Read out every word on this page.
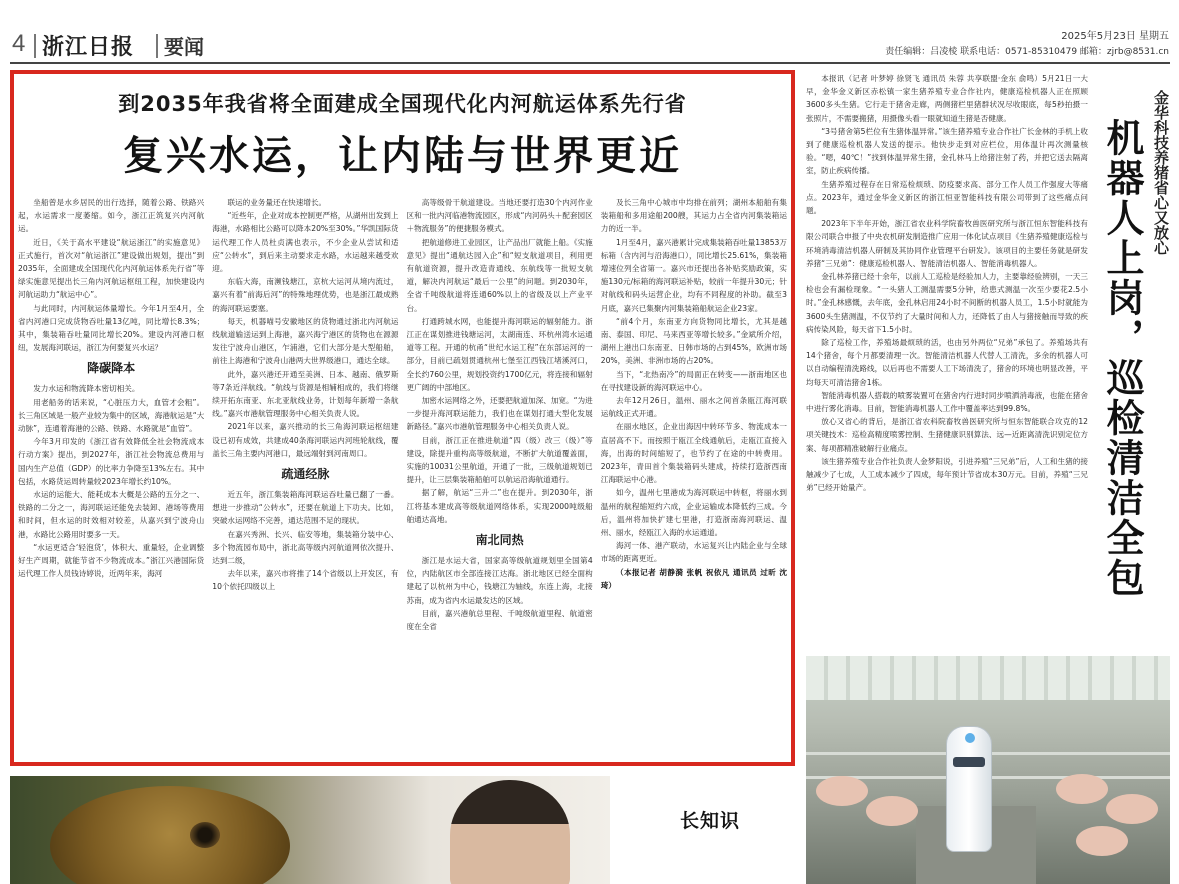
4 浙江日报 要闻	2025年5月23日 星期五
责任编辑：吕凌棱 联系电话：0571-85310479 邮箱：zjrb@8531.cn
到2035年我省将全面建成全国现代化内河航运体系先行省
复兴水运，让内陆与世界更近

坐船曾是水乡居民的出行选择，随着公路、铁路兴起，水运需求一度萎缩。如今，浙江正筑复兴内河航运。

近日，《关于高水平建设“航运浙江”的实施意见》正式施行，首次对“航运浙江”建设做出规划，提出“到2035年，全面建成全国现代化内河航运体系先行省”等绿实施意见提出长三角内河航运枢纽工程，加快建设内河航运助力“航运中心”。

与此同时，内河航运体量增长。今年1月至4月，全省内河港口完成货物吞吐量13亿吨，同比增长8.3%；其中，集装箱吞吐量同比增长20%。建设内河港口枢纽，发展海河联运，浙江为何要复兴水运？

降碳降本

发力水运和物流降本密切相关。

用老船务的话来说，“心脏压力大，血管才会粗”。长三角区域是一般产业较为集中的区域，海港航运是“大动脉”，连通着海港的公路、铁路、水路就是“血管”。

今年3月印发的《浙江省有效降低全社会物流成本行动方案》提出，到2027年，浙江社会物流总费用与国内生产总值（GDP）的比率力争降至13%左右。其中包括，水路货运周转量较2023年增长约10%。

水运的运能大、能耗成本大概是公路的五分之一、铁路的二分之一，海河联运还能免去装卸、港场等费用和时间，但水运的时效相对较差，从嘉兴到宁波舟山港，水路比公路用时要多一天。

“水运更适合‘轻泡货’，体积大、重量轻，企业调整好生产周期，就能节省不少物流成本。”浙江兴港国际货运代理工作人员钱诗婷说，近两年来，海河

联运的业务量还在快速增长。

“近些年，企业对成本控制更严格，从湖州出发到上海港，水路相比公路可以降本20%至30%。”华凯国际货运代理工作人员杜贞满也表示，不少企业从尝试和适应“公转水”，到后来主动要求走水路，水运越来越受欢迎。

东临大海，南濒钱塘江，京杭大运河从境内流过，嘉兴有着“前海后河”的特殊地理优势，也是浙江最成熟的海河联运要塞。

每天，机器喵号安徽地区的货物通过浙北内河航运线航道输送运到上海港，嘉兴海宁港区的货物也在源源发往宁波舟山港区，乍浦港，它们大部分是大型船舶，前往上海港和宁波舟山港两大世界级港口，通达全球。

此外，嘉兴港还开通至美洲、日本、越南、俄罗斯等7条近洋航线。“航线与货源是相辅相成的，我们将继续开拓东南亚、东北亚航线业务，计划每年新增一条航线。”嘉兴市港航管理服务中心相关负责人说。

2021年以来，嘉兴推动的长三角海河联运枢纽建设已初有成效，共建成40条海河联运内河班轮航线，覆盖长三角主要内河港口，最远端射到河南周口。

疏通经脉

近五年，浙江集装箱海河联运吞吐量已翻了一番。想进一步推动“公转水”，还要在航道上下功夫。比如，突破水运网络不完善，通达范围不足的现状。

在嘉兴秀洲、长兴、临安等地，集装箱分装中心、多个物流园布局中，浙北高等级内河航道网依次提升、达到二级，

去年以来，嘉兴市将推了14个省级以上开发区，有10个依托四级以上

高等级骨干航道建设。当地还要打造30个内河作业区和一批内河临港物流园区，形成“内河码头＋配套园区＋物流服务”的便捷服务模式。

把航道修进工业园区，让产品出厂就能上船。《实施意见》提出“通航达园入企”和“短支航道项目，利用更有航道资源，提升改造青通线、东航线等一批短支航道，解决内河航运“最后一公里”的问题。到2030年，全省千吨级航道将连通60%以上的省级及以上产业平台。

打通跨城水网，也能提升海河联运的辐射能力。浙江正在谋划推进钱塘运河，太湖南连、环杭州湾水运通道等工程。开通的杭甬“世纪水运工程”在东部运河的一部分，目前已疏划贯通杭州七堡至江西钱江堵溪河口，全长约760公里，规划投资约1700亿元，将连接和辐射更广阔的中部地区。

加密水运网络之外，还要把航道加深、加宽。“为进一步提升海河联运能力，我们也在谋划打通大型化发展新路径。”嘉兴市港航管理服务中心相关负责人说。

目前，浙江正在推进航道“四（级）改三（级）”等建设，除提升重构高等级航道，不断扩大航道覆盖面，实施的10031公里航道，开通了一批，三级航道规划已提升，让三层集装箱船舶可以航运沿海航道通行。

据了解，航运“三升二”也在提升。到2030年，浙江将基本建成高等级航道网络体系，实现2000吨级船舶通达高地。

南北同热

浙江是水运大省，国家高等级航道规划里全国第4位，内陆航区市全部连接江达海。浙北地区已经全面构建起了以杭州为中心，钱塘江为轴线，东连上海，北接苏南，成为省内水运最发达的区域。

目前，嘉兴港航总里程、千吨级航道里程、航道密度在全省

及长三角中心城市中均排在前列；湖州本船舶有集装箱船和多用途船200艘，其运力占全省内河集装箱运力的近一半。

1月至4月，嘉兴港累计完成集装箱吞吐量13853万标箱（含内河与沿海港口），同比增长25.61%，集装箱增速位列全省第一。嘉兴市还提出各补贴奖励政策，实施130元/标箱的海河联运补贴，较前一年提升30元；针对航线和码头运营企业，均有不同程度的补助。截至3月底，嘉兴已集聚内河集装箱船航运企业23家。

“前4个月，东南亚方向货物同比增长，尤其是越南、泰国、印尼、马来西亚等增长较多。”金斌所介绍，湖州上港出口东南亚、日韩市场的占到45%，欧洲市场20%，美洲、非洲市场的占20%。

当下，“北热南冷”的局面正在转变——浙南地区也在寻找建设新的海河联运中心。

去年12月26日，温州、丽水之间首条瓯江海河联运航线正式开通。

在丽水地区，企业出海因中转环节多、物流成本一直居高不下。而按照于瓯江全线通航后，走瓯江直接入海，出海的时间缩短了，也节约了在途的中转费用。2023年，青田首个集装箱码头建成，持续打造浙西南江海联运中心港。

如今，温州七里港成为海河联运中转枢，将丽水到温州的航程缩短约六成，企业运输成本降低约三成。今后，温州将加快扩建七里港，打造浙南海河联运、温州、丽水，经瓯江入海的水运通道。

海河一体、港产联动，水运复兴让内陆企业与全球市场的距离更近。

（本报记者 胡静漪 张帆 祝依凡 通讯员 过昕 沈琦）

本报讯（记者 叶梦婷 徐贤飞 通讯员 朱蓉 共享联盟·金东 俞鸣）5月21日一大早，金华金义新区赤松镇一家生猪养殖专业合作社内，健康巡检机器人正在照顾3600多头生猪。它行走于猪舍走廊，两侧猪栏里猪群状况尽收眼底，每5秒拍摄一张照片，不需要搬猪，用摄像头看一眼就知道生猪是否健康。

“3号猪舍第5栏位有生猪体温异常。”该生猪养殖专业合作社广长金林的手机上收到了健康巡检机器人发送的提示。他快步走到对应栏位，用体温计再次测量核验。“嗯，40℃！”找到体温异常生猪，金孔林马上给猪注射了药，并把它送去隔离室，防止疾病传播。

生猪养殖过程存在日常巡检烦琐、防疫要求高、部分工作人员工作强度大等痛点。2023年，通过金华金义新区的浙江恒亚智能科技有限公司带到了这些痛点问题。

2023年下半年开始，浙江省农业科学院畜牧兽医研究所与浙江恒东智能科技有限公司联合申报了中央农机研发制造推广应用一体化试点项目《生猪养殖健康巡检与环境消毒清洁机器人研制及其协同作业管理平台研发》。该项目的主要任务就是研发养猪“三兄弟”：健康巡检机器人、智能清洁机器人、智能消毒机器人。

金孔林养猪已经十余年，以前人工巡检是经验加人力，主要靠经验辨别，一天三检也会有漏检现象。“一头猪人工测温需要5分钟，给患式测温一次至少要花2.5小时。”金孔林感慨，去年底，金孔林启用24小时不间断的机器人员工，1.5小时就能为3600头生猪测温，不仅节约了大量时间和人力，还降低了由人与猪接触而导致的疾病传染风险，每天省下1.5小时。

除了巡检工作，养殖场最烦琐的活，也由另外两位“兄弟”承包了。养殖场共有14个猪舍，每个月都要清理一次。智能清洁机器人代替人工清洗，多余的机器人可以自动编程清洗路线，以后再也不需要人工下场清洗了，猪舍的环境也明显改善，平均每天可清洁猪舍1栋。

智能消毒机器人搭载的喷雾装置可在猪舍内行进时同步喷洒消毒液，也能在猪舍中进行雾化消毒。目前，智能消毒机器人工作中覆盖率达到99.8%。

放心又省心的背后，是浙江省农科院畜牧兽医研究所与恒东智能联合攻克的12项关键技术：巡检高精度喷雾控制、生猪健康识别算法、远—近距离清洗识别定位方案、每项都精准破解行业痛点。

该生猪养殖专业合作社负责人金梦阳说，引进养殖“三兄弟”后，人工和生猪的接触减少了七成，人工成本减少了四成，每年预计节省成本30万元。目前，养殖“三兄弟”已经开始量产。	机器人上岗，巡检清洁全包 金华科技养猪省心又放心
长知识
